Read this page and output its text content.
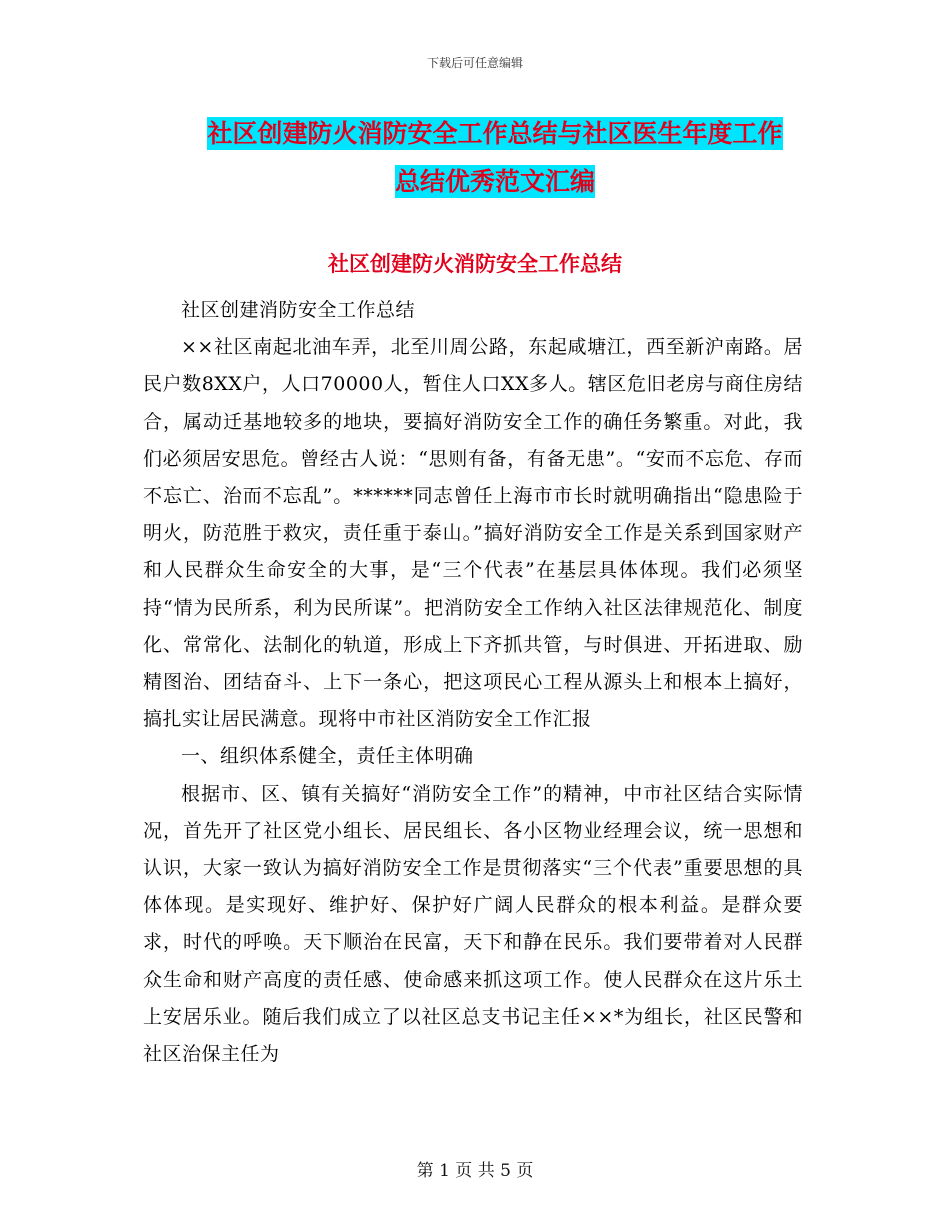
下载后可任意编辑
社区创建防火消防安全工作总结与社区医生年度工作
总结优秀范文汇编
社区创建防火消防安全工作总结

社区创建消防安全工作总结

××社区南起北油车弄，北至川周公路，东起咸塘江，西至新沪南路。居民户数8XX户，人口70000人，暂住人口XX多人。辖区危旧老房与商住房结合，属动迁基地较多的地块，要搞好消防安全工作的确任务繁重。对此，我们必须居安思危。曾经古人说：“思则有备，有备无患”。“安而不忘危、存而不忘亡、治而不忘乱”。******同志曾任上海市市长时就明确指出“隐患险于明火，防范胜于救灾，责任重于泰山。”搞好消防安全工作是关系到国家财产和人民群众生命安全的大事，是“三个代表”在基层具体体现。我们必须坚持“情为民所系，利为民所谋”。把消防安全工作纳入社区法律规范化、制度化、常常化、法制化的轨道，形成上下齐抓共管，与时俱进、开拓进取、励精图治、团结奋斗、上下一条心，把这项民心工程从源头上和根本上搞好，搞扎实让居民满意。现将中市社区消防安全工作汇报

一、组织体系健全，责任主体明确

根据市、区、镇有关搞好“消防安全工作”的精神，中市社区结合实际情况，首先开了社区党小组长、居民组长、各小区物业经理会议，统一思想和认识，大家一致认为搞好消防安全工作是贯彻落实“三个代表”重要思想的具体体现。是实现好、维护好、保护好广阔人民群众的根本利益。是群众要求，时代的呼唤。天下顺治在民富，天下和静在民乐。我们要带着对人民群众生命和财产高度的责任感、使命感来抓这项工作。使人民群众在这片乐土上安居乐业。随后我们成立了以社区总支书记主任××*为组长，社区民警和社区治保主任为

第 1 页 共 5 页
